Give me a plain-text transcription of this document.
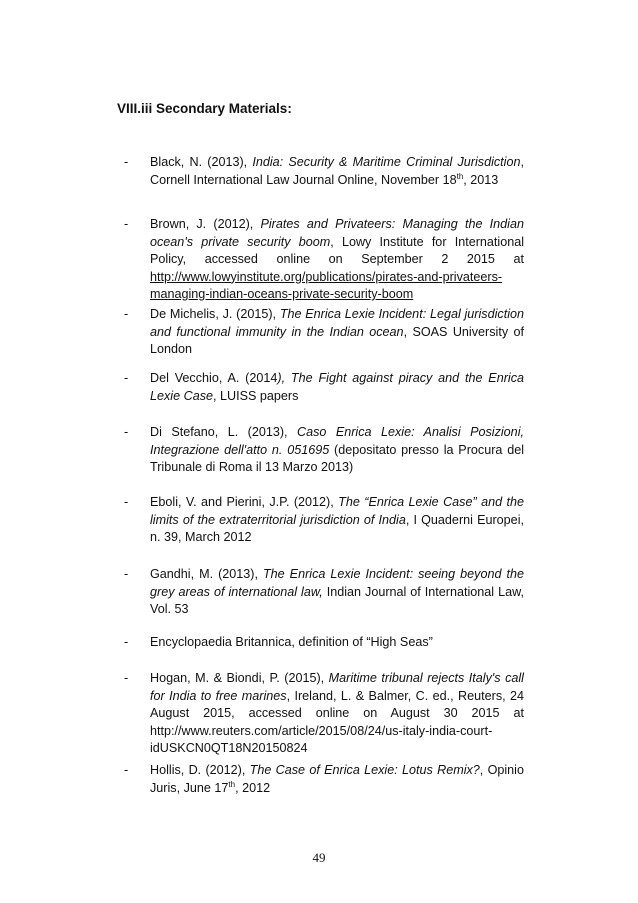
VIII.iii Secondary Materials:
- Black, N. (2013), India: Security & Maritime Criminal Jurisdiction, Cornell International Law Journal Online, November 18th, 2013
- Brown, J. (2012), Pirates and Privateers: Managing the Indian ocean's private security boom, Lowy Institute for International Policy, accessed online on September 2 2015 at http://www.lowyinstitute.org/publications/pirates-and-privateers-managing-indian-oceans-private-security-boom
- De Michelis, J. (2015), The Enrica Lexie Incident: Legal jurisdiction and functional immunity in the Indian ocean, SOAS University of London
- Del Vecchio, A. (2014), The Fight against piracy and the Enrica Lexie Case, LUISS papers
- Di Stefano, L. (2013), Caso Enrica Lexie: Analisi Posizioni, Integrazione dell'atto n. 051695 (depositato presso la Procura del Tribunale di Roma il 13 Marzo 2013)
- Eboli, V. and Pierini, J.P. (2012), The “Enrica Lexie Case” and the limits of the extraterritorial jurisdiction of India, I Quaderni Europei, n. 39, March 2012
- Gandhi, M. (2013), The Enrica Lexie Incident: seeing beyond the grey areas of international law, Indian Journal of International Law, Vol. 53
- Encyclopaedia Britannica, definition of “High Seas”
- Hogan, M. & Biondi, P. (2015), Maritime tribunal rejects Italy's call for India to free marines, Ireland, L. & Balmer, C. ed., Reuters, 24 August 2015, accessed online on August 30 2015 at http://www.reuters.com/article/2015/08/24/us-italy-india-court-idUSKCN0QT18N20150824
- Hollis, D. (2012), The Case of Enrica Lexie: Lotus Remix?, Opinio Juris, June 17th, 2012
49
